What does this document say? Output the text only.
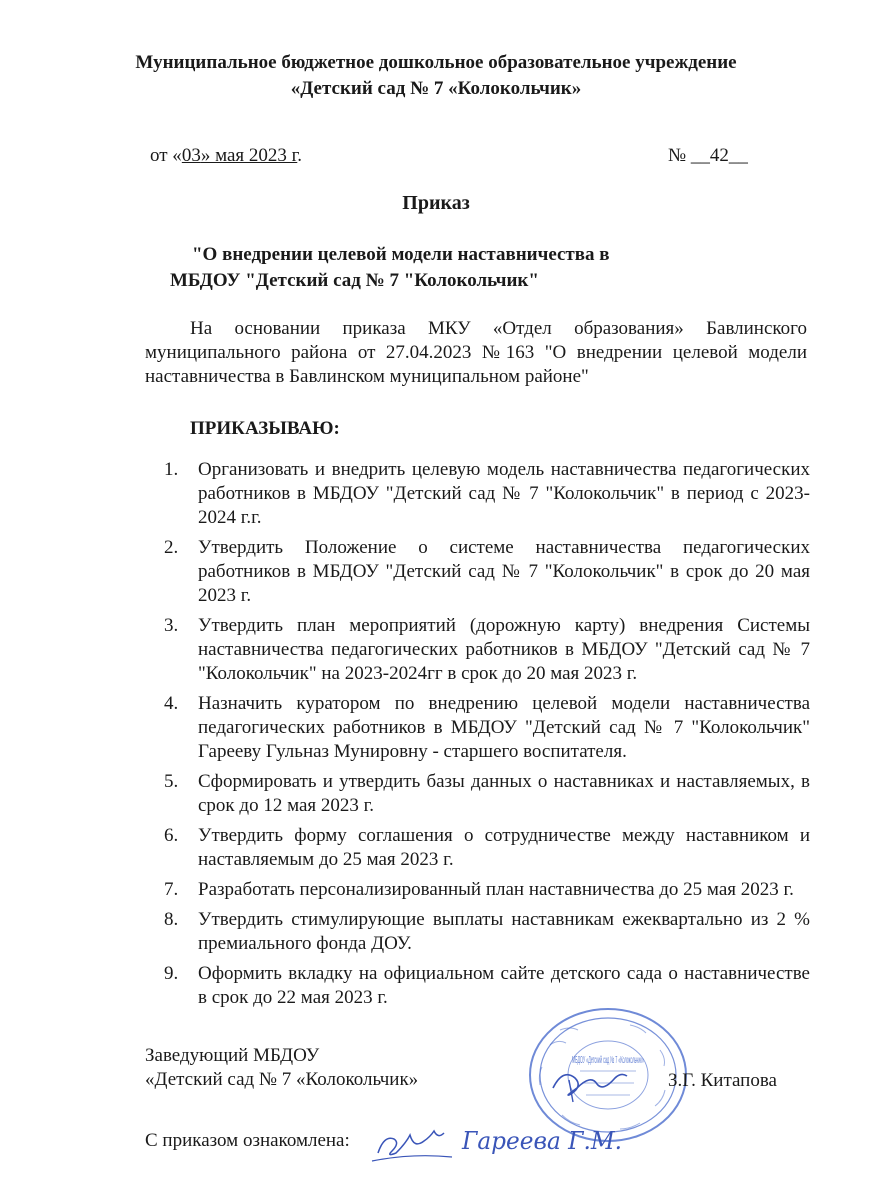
Муниципальное бюджетное дошкольное образовательное учреждение
«Детский сад № 7 «Колокольчик»
от «03» мая 2023 г.	№ __42__
Приказ
"О внедрении целевой модели наставничества в
МБДОУ "Детский сад № 7 "Колокольчик"
На основании приказа МКУ «Отдел образования» Бавлинского муниципального района от 27.04.2023 №163 "О внедрении целевой модели наставничества в Бавлинском муниципальном районе"
ПРИКАЗЫВАЮ:
1. Организовать и внедрить целевую модель наставничества педагогических работников в МБДОУ "Детский сад № 7 "Колокольчик" в период с 2023- 2024 г.г.
2. Утвердить Положение о системе наставничества педагогических работников в МБДОУ "Детский сад № 7 "Колокольчик" в срок до 20 мая 2023 г.
3. Утвердить план мероприятий (дорожную карту) внедрения Системы наставничества педагогических работников в МБДОУ "Детский сад № 7 "Колокольчик" на 2023-2024гг в срок до 20 мая 2023 г.
4. Назначить куратором по внедрению целевой модели наставничества педагогических работников в МБДОУ "Детский сад № 7 "Колокольчик" Гарееву Гульназ Мунировну - старшего воспитателя.
5. Сформировать и утвердить базы данных о наставниках и наставляемых, в срок до 12 мая 2023 г.
6. Утвердить форму соглашения о сотрудничестве между наставником и наставляемым до 25 мая 2023 г.
7. Разработать персонализированный план наставничества до 25 мая 2023 г.
8. Утвердить стимулирующие выплаты наставникам ежеквартально из 2 % премиального фонда ДОУ.
9. Оформить вкладку на официальном сайте детского сада о наставничестве в срок до 22 мая 2023 г.
МБДОУ «Детский сад № 7 «Колокольчик»
Заведующий МБДОУ
«Детский сад № 7 «Колокольчик»	З.Г. Китапова
С приказом ознакомлена:	Гареева Г.М.
